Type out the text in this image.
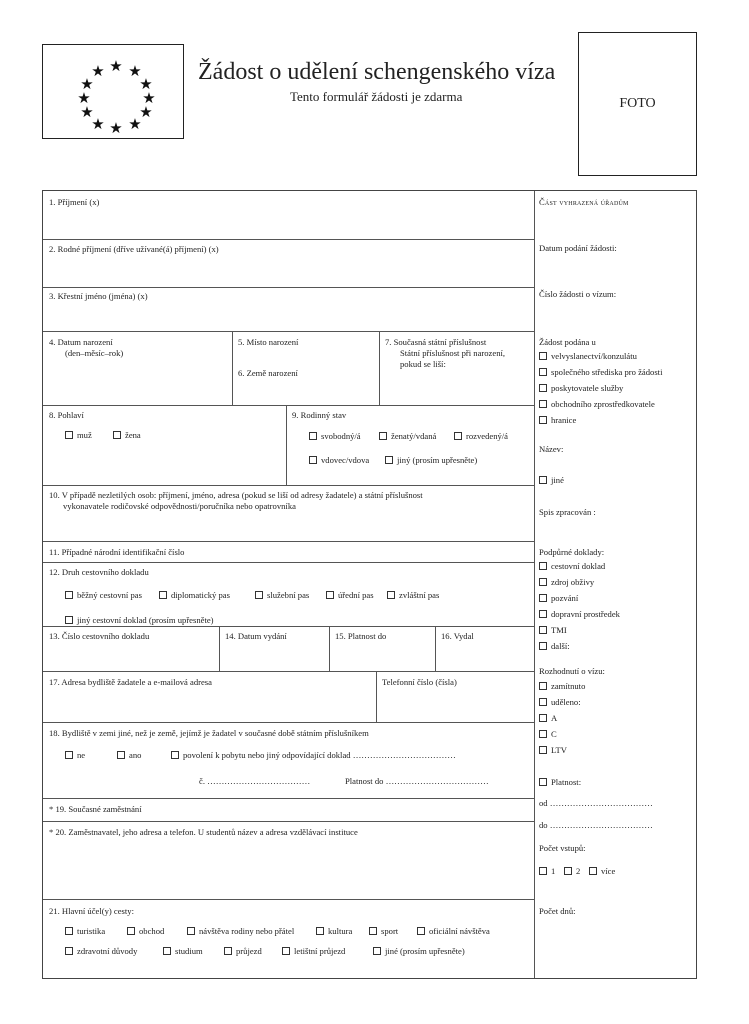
★ ★
★
★
★
★
★
★
★
★
★
★	Žádost o udělení schengenského víza
Tento formulář žádosti je zdarma	FOTO
1. Příjmení (x)
2. Rodné příjmení (dříve užívané(á) příjmení) (x)
3. Křestní jméno (jména) (x)
4. Datum narození
(den–měsíc–rok)
5. Místo narození
6. Země narození
7. Současná státní příslušnost
Státní příslušnost při narození,
pokud se liší:
8. Pohlaví
muž	žena
9. Rodinný stav
svobodný/á	ženatý/vdaná	rozvedený/á
vdovec/vdova	jiný (prosím upřesněte)
10. V případě nezletilých osob: příjmení, jméno, adresa (pokud se liší od adresy žadatele) a státní příslušnost
vykonavatele rodičovské odpovědnosti/poručníka nebo opatrovníka
11. Případné národní identifikační číslo
12. Druh cestovního dokladu
běžný cestovní pas	diplomatický pas	služební pas	úřední pas	zvláštní pas
jiný cestovní doklad (prosím upřesněte)
13. Číslo cestovního dokladu	14. Datum vydání	15. Platnost do	16. Vydal
17. Adresa bydliště žadatele a e-mailová adresa	Telefonní číslo (čísla)
18. Bydliště v zemi jiné, než je země, jejímž je žadatel v současné době státním příslušníkem
ne	ano	povolení k pobytu nebo jiný odpovídající doklad ………………………………
č. ………………………………	Platnost do ………………………………
* 19. Současné zaměstnání
* 20. Zaměstnavatel, jeho adresa a telefon. U studentů název a adresa vzdělávací instituce
21. Hlavní účel(y) cesty:
turistika	obchod	návštěva rodiny nebo přátel	kultura	sport	oficiální návštěva
zdravotní důvody	studium	průjezd	letištní průjezd	jiné (prosím upřesněte)
Část vyhrazená úřadům
Datum podání žádosti:
Číslo žádosti o vízum:
Žádost podána u
velvyslanectví/konzulátu
společného střediska pro žádosti
poskytovatele služby
obchodního zprostředkovatele
hranice
Název:
jiné
Spis zpracován :
Podpůrné doklady:
cestovní doklad
zdroj obživy
pozvání
dopravní prostředek
TMI
další:
Rozhodnutí o vízu:
zamítnuto
uděleno:
A
C
LTV
Platnost:
od ………………………………
do ………………………………
Počet vstupů:
1	2	více
Počet dnů:
